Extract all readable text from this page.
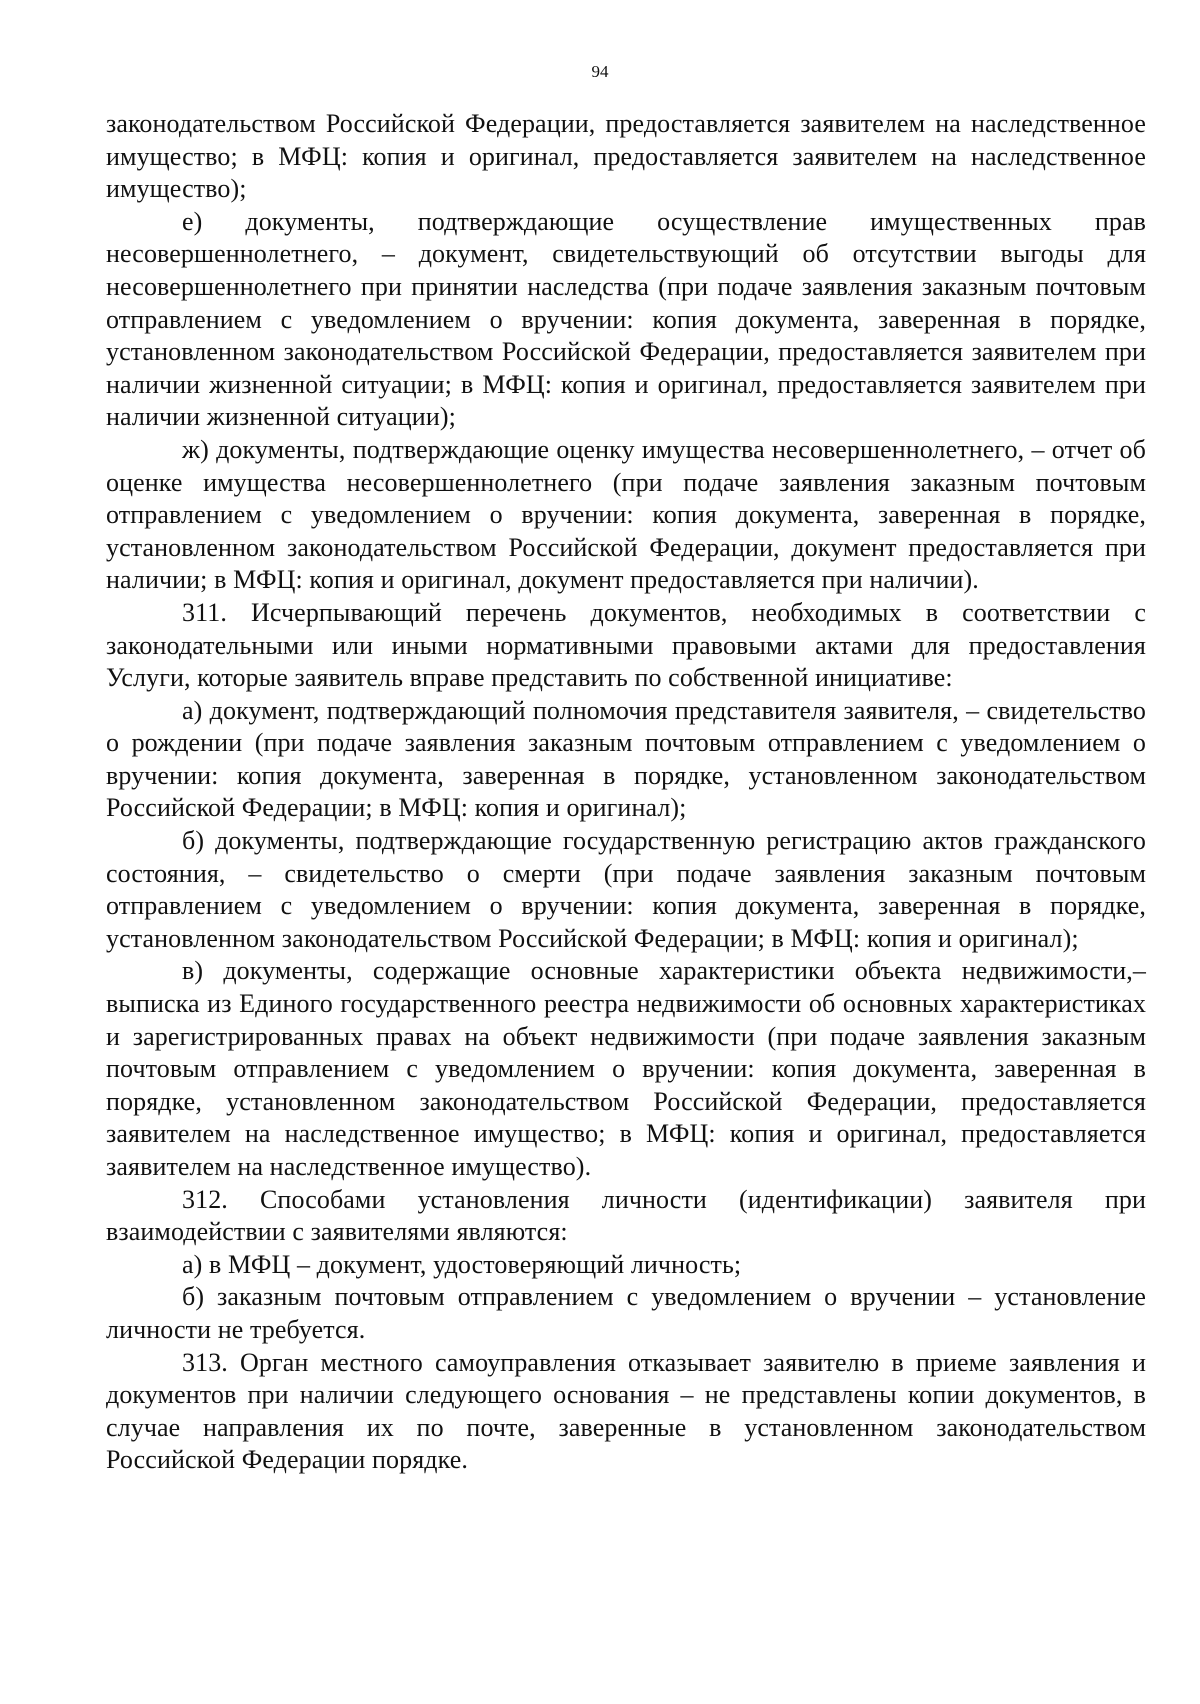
94

законодательством Российской Федерации, предоставляется заявителем на наследственное имущество; в МФЦ: копия и оригинал, предоставляется заявителем на наследственное имущество);

е) документы, подтверждающие осуществление имущественных прав несовершеннолетнего, – документ, свидетельствующий об отсутствии выгоды для несовершеннолетнего при принятии наследства (при подаче заявления заказным почтовым отправлением с уведомлением о вручении: копия документа, заверенная в порядке, установленном законодательством Российской Федерации, предоставляется заявителем при наличии жизненной ситуации; в МФЦ: копия и оригинал, предоставляется заявителем при наличии жизненной ситуации);

ж) документы, подтверждающие оценку имущества несовершеннолетнего, – отчет об оценке имущества несовершеннолетнего (при подаче заявления заказным почтовым отправлением с уведомлением о вручении: копия документа, заверенная в порядке, установленном законодательством Российской Федерации, документ предоставляется при наличии; в МФЦ: копия и оригинал, документ предоставляется при наличии).

311. Исчерпывающий перечень документов, необходимых в соответствии с законодательными или иными нормативными правовыми актами для предоставления Услуги, которые заявитель вправе представить по собственной инициативе:

а) документ, подтверждающий полномочия представителя заявителя, – свидетельство о рождении (при подаче заявления заказным почтовым отправлением с уведомлением о вручении: копия документа, заверенная в порядке, установленном законодательством Российской Федерации; в МФЦ: копия и оригинал);

б) документы, подтверждающие государственную регистрацию актов гражданского состояния, – свидетельство о смерти (при подаче заявления заказным почтовым отправлением с уведомлением о вручении: копия документа, заверенная в порядке, установленном законодательством Российской Федерации; в МФЦ: копия и оригинал);

в) документы, содержащие основные характеристики объекта недвижимости,– выписка из Единого государственного реестра недвижимости об основных характеристиках и зарегистрированных правах на объект недвижимости (при подаче заявления заказным почтовым отправлением с уведомлением о вручении: копия документа, заверенная в порядке, установленном законодательством Российской Федерации, предоставляется заявителем на наследственное имущество; в МФЦ: копия и оригинал, предоставляется заявителем на наследственное имущество).

312. Способами установления личности (идентификации) заявителя при взаимодействии с заявителями являются:

а) в МФЦ – документ, удостоверяющий личность;

б) заказным почтовым отправлением с уведомлением о вручении – установление личности не требуется.

313. Орган местного самоуправления отказывает заявителю в приеме заявления и документов при наличии следующего основания – не представлены копии документов, в случае направления их по почте, заверенные в установленном законодательством Российской Федерации порядке.
